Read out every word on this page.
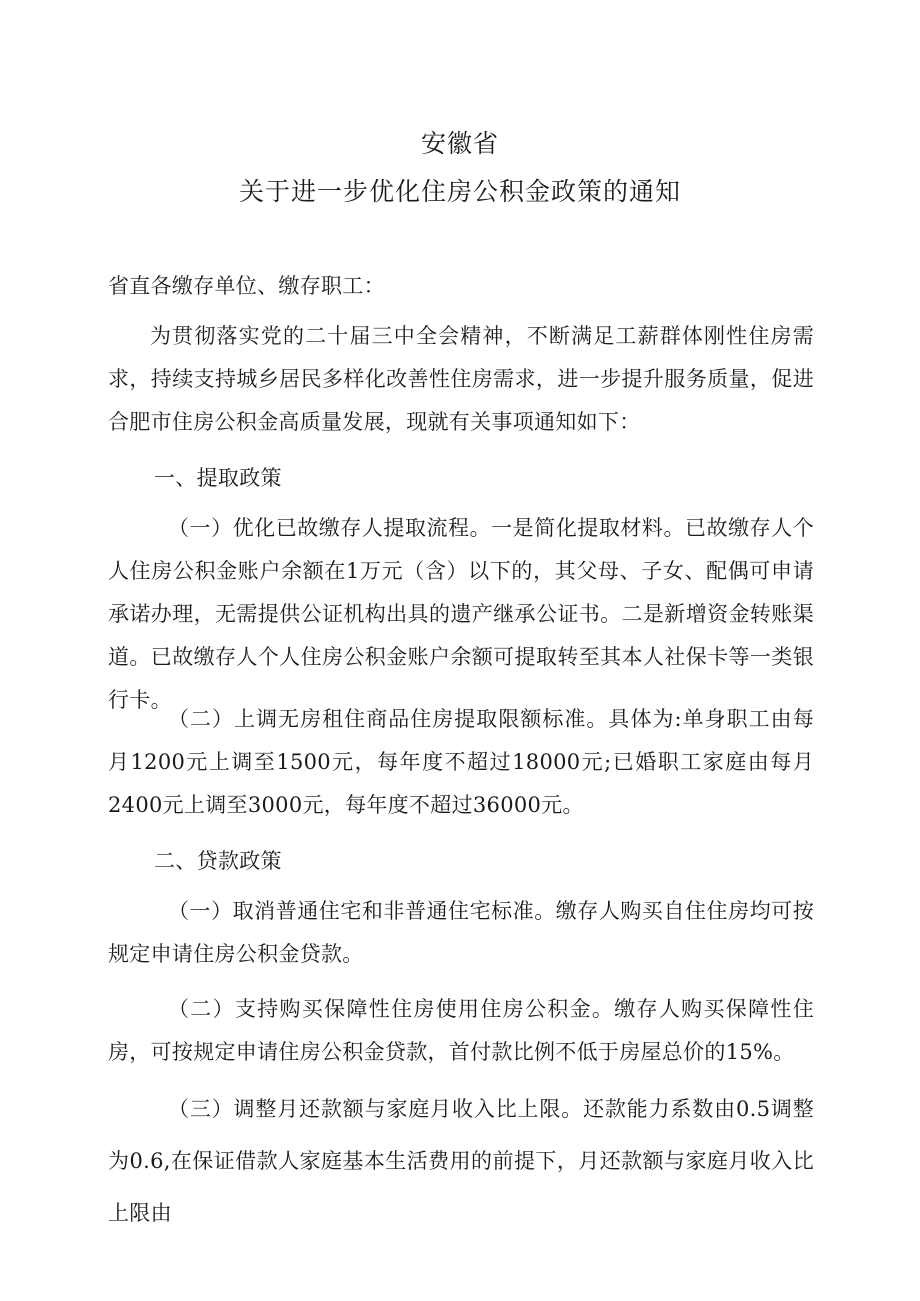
安徽省
关于进一步优化住房公积金政策的通知

省直各缴存单位、缴存职工：

为贯彻落实党的二十届三中全会精神，不断满足工薪群体刚性住房需求，持续支持城乡居民多样化改善性住房需求，进一步提升服务质量，促进合肥市住房公积金高质量发展，现就有关事项通知如下：

一、提取政策

（一）优化已故缴存人提取流程。一是简化提取材料。已故缴存人个人住房公积金账户余额在1万元（含）以下的，其父母、子女、配偶可申请承诺办理，无需提供公证机构出具的遗产继承公证书。二是新增资金转账渠道。已故缴存人个人住房公积金账户余额可提取转至其本人社保卡等一类银行卡。

（二）上调无房租住商品住房提取限额标准。具体为:单身职工由每月1200元上调至1500元，每年度不超过18000元;已婚职工家庭由每月2400元上调至3000元，每年度不超过36000元。

二、贷款政策

（一）取消普通住宅和非普通住宅标准。缴存人购买自住住房均可按规定申请住房公积金贷款。

（二）支持购买保障性住房使用住房公积金。缴存人购买保障性住房，可按规定申请住房公积金贷款，首付款比例不低于房屋总价的15%。

（三）调整月还款额与家庭月收入比上限。还款能力系数由0.5调整为0.6,在保证借款人家庭基本生活费用的前提下，月还款额与家庭月收入比上限由
